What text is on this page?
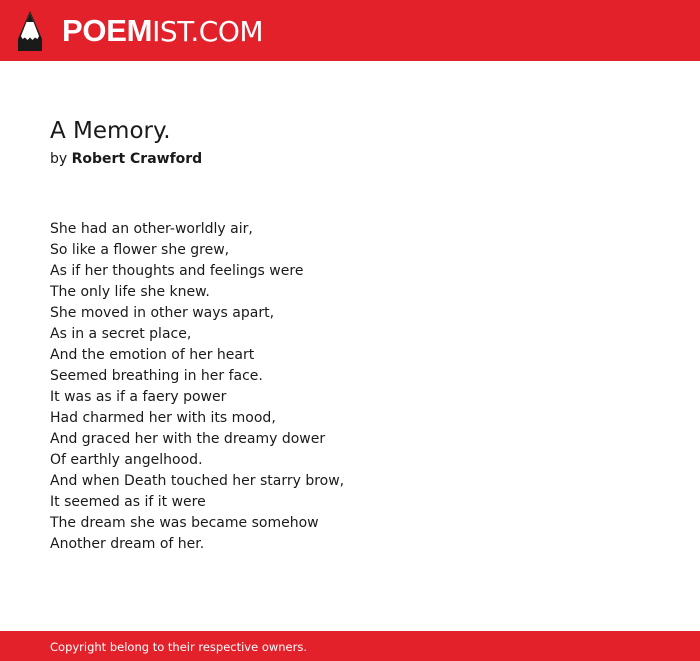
POEMIST.COM
A Memory.
by Robert Crawford
She had an other-worldly air,
So like a flower she grew,
As if her thoughts and feelings were
The only life she knew.
She moved in other ways apart,
As in a secret place,
And the emotion of her heart
Seemed breathing in her face.
It was as if a faery power
Had charmed her with its mood,
And graced her with the dreamy dower
Of earthly angelhood.
And when Death touched her starry brow,
It seemed as if it were
The dream she was became somehow
Another dream of her.
Copyright belong to their respective owners.
